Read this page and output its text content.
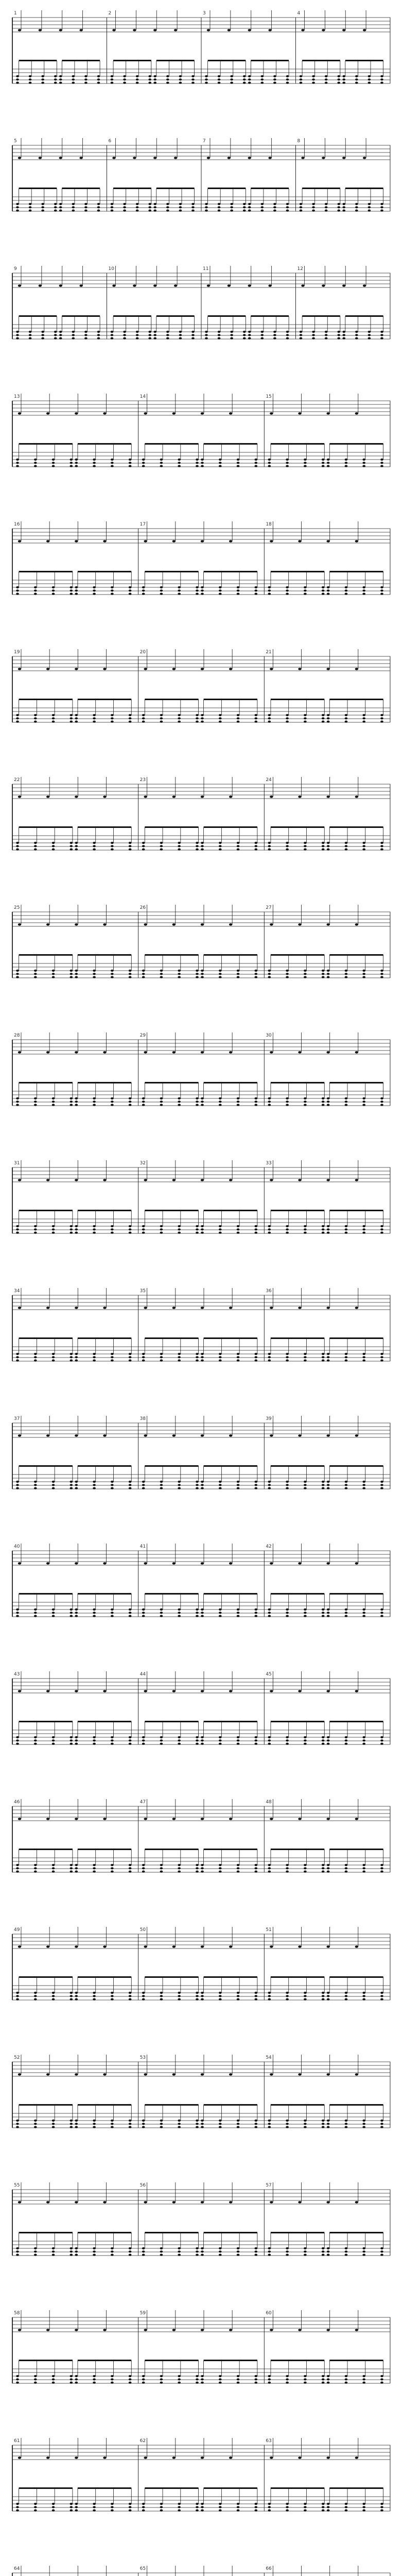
1	2	3	4
5	6	7	8
9	10	11	12
13	14	15
16	17	18
19	20	21
22	23	24
25	26	27
28	29	30
31	32	33
34	35	36
37	38	39
40	41	42
43	44	45
46	47	48
49	50	51
52	53	54
55	56	57
58	59	60
61	62	63
64	65	66
